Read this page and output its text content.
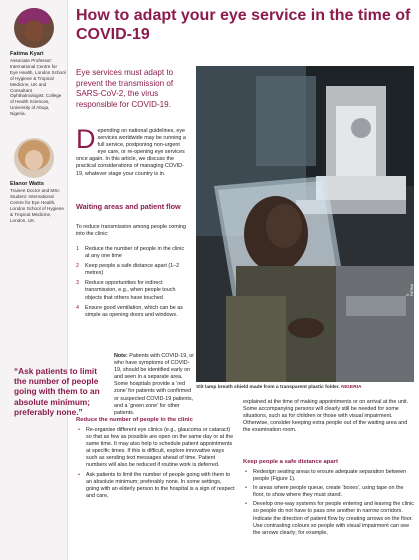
Fatima Kyari
Associate Professor: International Centre for Eye Health, London School of Hygiene & Tropical Medicine, UK and Consultant Ophthalmologist: College of Health Sciences, University of Abuja, Nigeria.
Elanor Watts
Trainee Doctor and MSc Student: International Centre for Eye Health, London School of Hygiene & Tropical Medicine, London, UK.
How to adapt your eye service in the time of COVID-19

Eye services must adapt to prevent the transmission of SARS-CoV-2, the virus responsible for COVID-19.

© FATIMA KYARI
Slit lamp breath shield made from a transparent plastic folder. NIGERIA

Depending on national guidelines, eye services worldwide may be running a full service, postponing non-urgent eye care, or re-opening eye services once again. In this article, we discuss the practical considerations of managing COVID-19, whatever stage your country is in.

Waiting areas and patient flow

To reduce transmission among people coming into the clinic:

1 Reduce the number of people in the clinic at any one time
2 Keep people a safe distance apart (1–2 metres)
3 Reduce opportunities for indirect transmission, e.g., when people touch objects that others have touched
4 Ensure good ventilation, which can be as simple as opening doors and windows.
“Ask patients to limit the number of people going with them to an absolute minimum; preferably none.”

Note: Patients with COVID-19, or who have symptoms of COVID-19, should be identified early on and seen in a separate area. Some hospitals provide a ‘red zone’ for patients with confirmed or suspected COVID-19 patients, and a ‘green zone’ for other patients.

Reduce the number of people in the clinic
• Re-organise different eye clinics (e.g., glaucoma or cataract) so that as few as possible are open on the same day or at the same time. It may also help to schedule patient appointments at specific times. If this is difficult, explore innovative ways such as sending text messages ahead of time. Patient numbers will also be reduced if routine work is deferred.
• Ask patients to limit the number of people going with them to an absolute minimum; preferably none. In some settings, going with an elderly person to the hospital is a sign of respect and care,

explained at the time of making appointments or on arrival at the unit. Some accompanying persons will clearly still be needed for some situations, such as for children or those with visual impairment. Otherwise, consider keeping extra people out of the waiting area and the examination room.

Keep people a safe distance apart
• Redesign seating areas to ensure adequate separation between people (Figure 1).
• In areas where people queue, create ‘boxes’, using tape on the floor, to show where they must stand.
• Develop one-way systems for people entering and leaving the clinic so people do not have to pass one another in narrow corridors. Indicate the direction of patient flow by creating arrows on the floor. Use contrasting colours so people with visual impairment can see the arrows clearly; for example,
